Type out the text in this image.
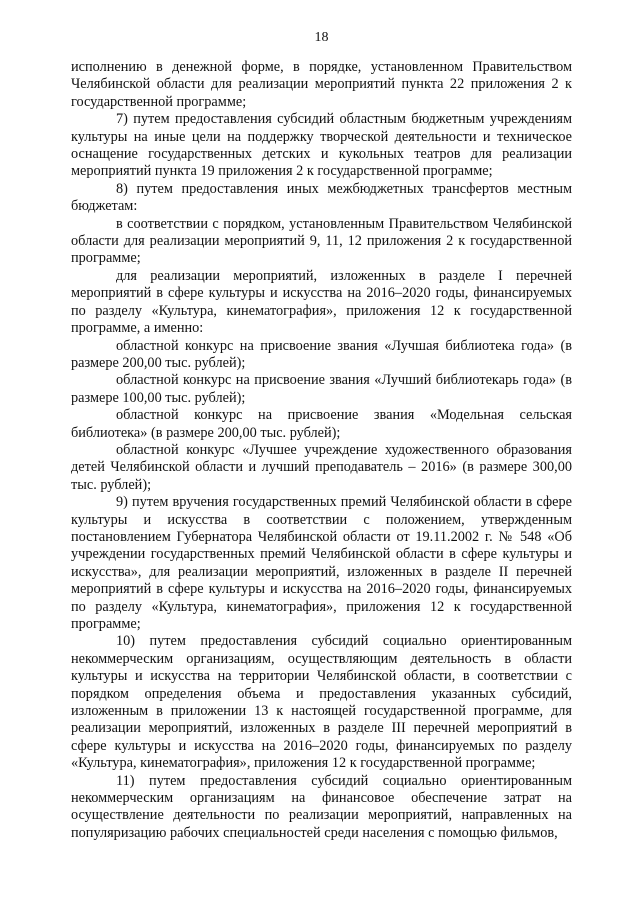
18

исполнению в денежной форме, в порядке, установленном Правительством Челябинской области для реализации мероприятий пункта 22 приложения 2 к государственной программе;

7) путем предоставления субсидий областным бюджетным учреждениям культуры на иные цели на поддержку творческой деятельности и техническое оснащение государственных детских и кукольных театров для реализации мероприятий пункта 19 приложения 2 к государственной программе;

8) путем предоставления иных межбюджетных трансфертов местным бюджетам:

в соответствии с порядком, установленным Правительством Челябинской области для реализации мероприятий 9, 11, 12 приложения 2 к государственной программе;

для реализации мероприятий, изложенных в разделе I перечней мероприятий в сфере культуры и искусства на 2016–2020 годы, финансируемых по разделу «Культура, кинематография», приложения 12 к государственной программе, а именно:

областной конкурс на присвоение звания «Лучшая библиотека года» (в размере 200,00 тыс. рублей);

областной конкурс на присвоение звания «Лучший библиотекарь года» (в размере 100,00 тыс. рублей);

областной конкурс на присвоение звания «Модельная сельская библиотека» (в размере 200,00 тыс. рублей);

областной конкурс «Лучшее учреждение художественного образования детей Челябинской области и лучший преподаватель – 2016» (в размере 300,00 тыс. рублей);

9) путем вручения государственных премий Челябинской области в сфере культуры и искусства в соответствии с положением, утвержденным постановлением Губернатора Челябинской области от 19.11.2002 г. № 548 «Об учреждении государственных премий Челябинской области в сфере культуры и искусства», для реализации мероприятий, изложенных в разделе II перечней мероприятий в сфере культуры и искусства на 2016–2020 годы, финансируемых по разделу «Культура, кинематография», приложения 12 к государственной программе;

10) путем предоставления субсидий социально ориентированным некоммерческим организациям, осуществляющим деятельность в области культуры и искусства на территории Челябинской области, в соответствии с порядком определения объема и предоставления указанных субсидий, изложенным в приложении 13 к настоящей государственной программе, для реализации мероприятий, изложенных в разделе III перечней мероприятий в сфере культуры и искусства на 2016–2020 годы, финансируемых по разделу «Культура, кинематография», приложения 12 к государственной программе;

11) путем предоставления субсидий социально ориентированным некоммерческим организациям на финансовое обеспечение затрат на осуществление деятельности по реализации мероприятий, направленных на популяризацию рабочих специальностей среди населения с помощью фильмов,
